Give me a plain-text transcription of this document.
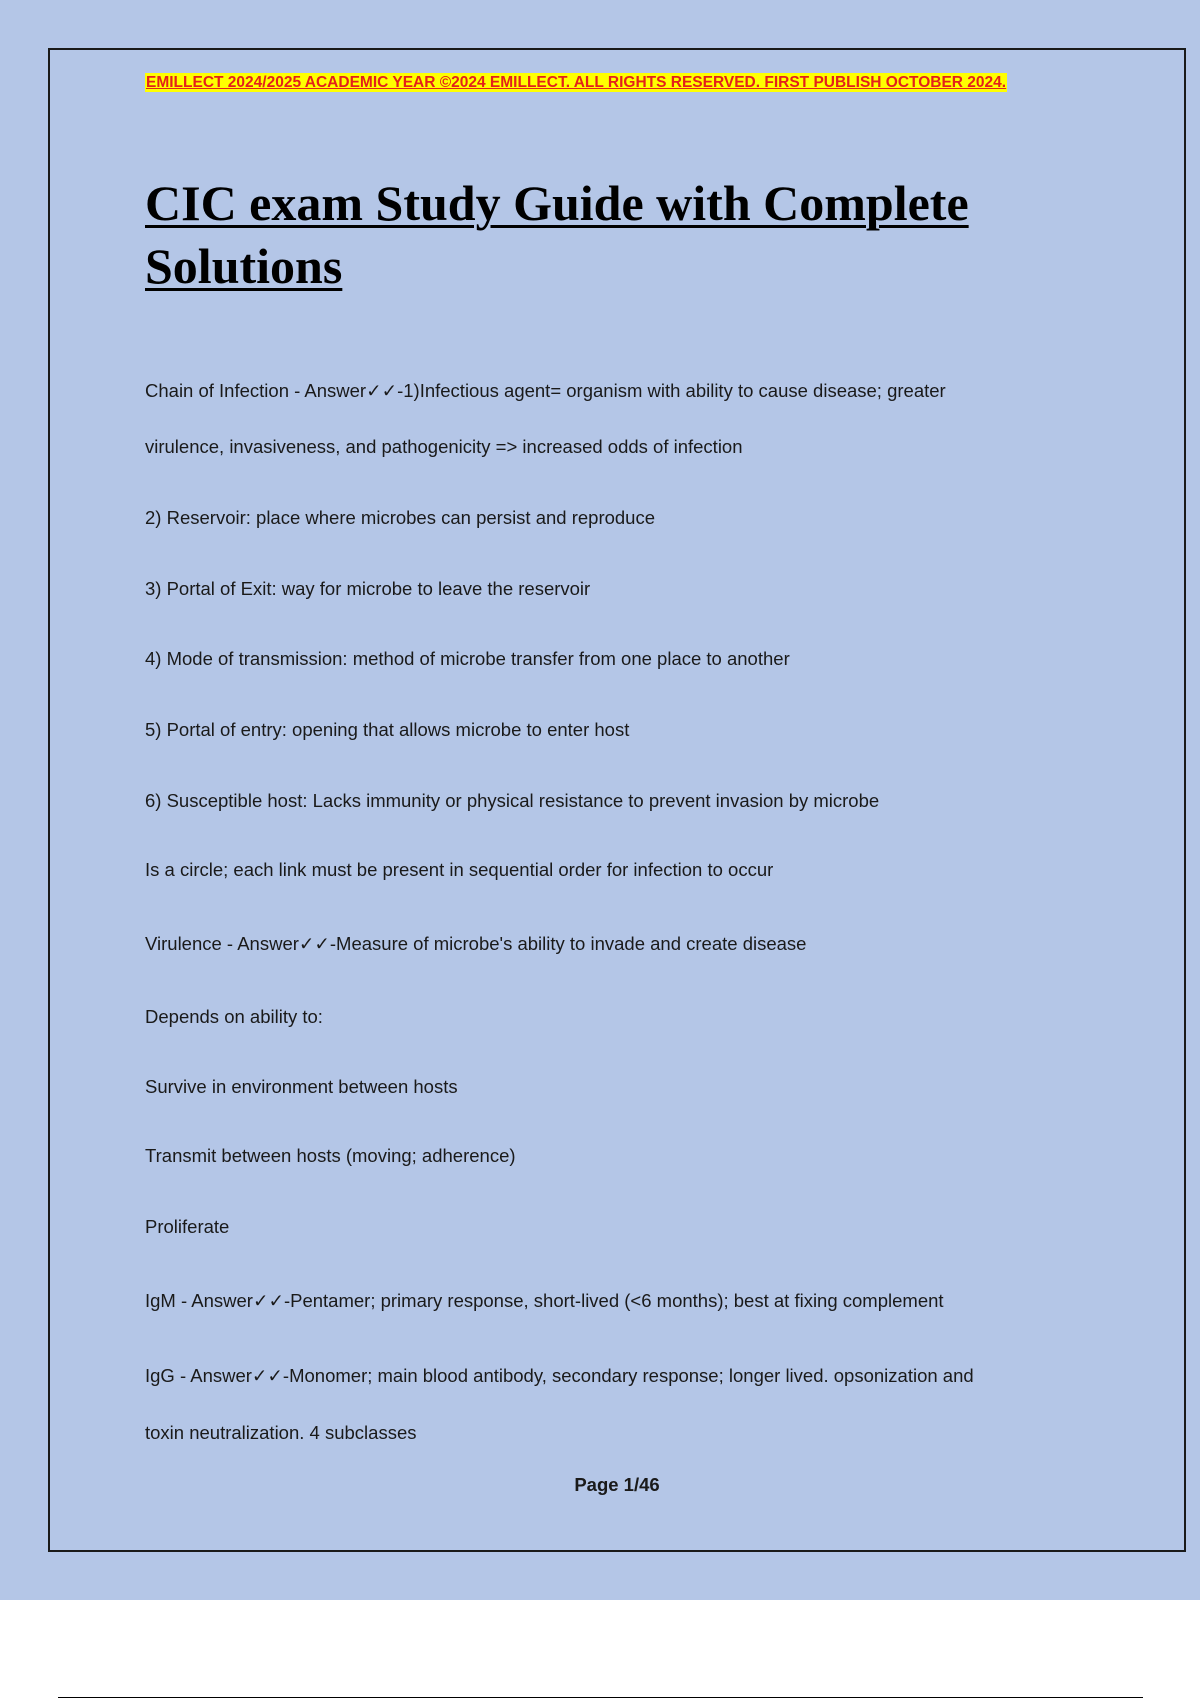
EMILLECT 2024/2025 ACADEMIC YEAR ©2024 EMILLECT. ALL RIGHTS RESERVED. FIRST PUBLISH OCTOBER 2024.
CIC exam Study Guide with Complete
Solutions
Chain of Infection - Answer✓✓-1)Infectious agent= organism with ability to cause disease; greater
virulence, invasiveness, and pathogenicity => increased odds of infection
2) Reservoir: place where microbes can persist and reproduce
3) Portal of Exit: way for microbe to leave the reservoir
4) Mode of transmission: method of microbe transfer from one place to another
5) Portal of entry: opening that allows microbe to enter host
6) Susceptible host: Lacks immunity or physical resistance to prevent invasion by microbe
Is a circle; each link must be present in sequential order for infection to occur
Virulence - Answer✓✓-Measure of microbe's ability to invade and create disease
Depends on ability to:
Survive in environment between hosts
Transmit between hosts (moving; adherence)
Proliferate
IgM - Answer✓✓-Pentamer; primary response, short-lived (<6 months); best at fixing complement
IgG - Answer✓✓-Monomer; main blood antibody, secondary response; longer lived. opsonization and
toxin neutralization. 4 subclasses
Page 1/46
